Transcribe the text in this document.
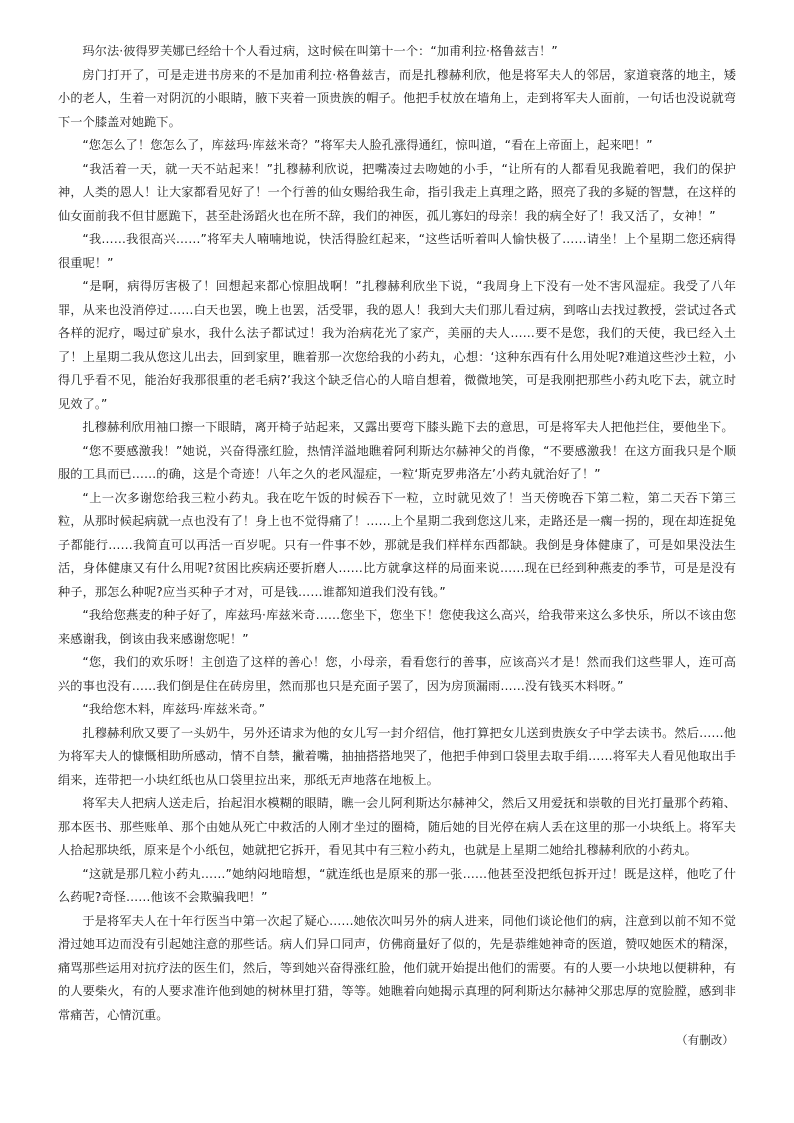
玛尔法·彼得罗芙娜已经给十个人看过病，这时候在叫第十一个：“加甫利拉·格鲁兹吉！”

房门打开了，可是走进书房来的不是加甫利拉·格鲁兹吉，而是扎穆赫利欣，他是将军夫人的邻居，家道衰落的地主，矮小的老人，生着一对阴沉的小眼睛，腋下夹着一顶贵族的帽子。他把手杖放在墙角上，走到将军夫人面前，一句话也没说就弯下一个膝盖对她跪下。

“您怎么了！您怎么了，库兹玛·库兹米奇？”将军夫人脸孔涨得通红，惊叫道，“看在上帝面上，起来吧！”

“我活着一天，就一天不站起来！”扎穆赫利欣说，把嘴凑过去吻她的小手，“让所有的人都看见我跪着吧，我们的保护神，人类的恩人！让大家都看见好了！一个行善的仙女赐给我生命，指引我走上真理之路，照亮了我的多疑的智慧，在这样的仙女面前我不但甘愿跪下，甚至赴汤蹈火也在所不辞，我们的神医，孤儿寡妇的母亲！我的病全好了！我又活了，女神！”

“我……我很高兴……”将军夫人喃喃地说，快活得脸红起来，“这些话听着叫人愉快极了……请坐！上个星期二您还病得很重呢！”

“是啊，病得厉害极了！回想起来都心惊胆战啊！”扎穆赫利欣坐下说，“我周身上下没有一处不害风湿症。我受了八年罪，从来也没消停过……白天也罢，晚上也罢，活受罪，我的恩人！我到大夫们那儿看过病，到喀山去找过教授，尝试过各式各样的泥疗，喝过矿泉水，我什么法子都试过！我为治病花光了家产，美丽的夫人……要不是您，我们的天使，我已经入土了！上星期二我从您这儿出去，回到家里，瞧着那一次您给我的小药丸，心想：‘这种东西有什么用处呢?难道这些沙土粒，小得几乎看不见，能治好我那很重的老毛病?’我这个缺乏信心的人暗自想着，微微地笑，可是我刚把那些小药丸吃下去，就立时见效了。”

扎穆赫利欣用袖口擦一下眼睛，离开椅子站起来，又露出要弯下膝头跪下去的意思，可是将军夫人把他拦住，要他坐下。

“您不要感激我！”她说，兴奋得涨红脸，热情洋溢地瞧着阿利斯达尔赫神父的肖像，“不要感激我！在这方面我只是个顺服的工具而已……的确，这是个奇迹！八年之久的老风湿症，一粒‘斯克罗弗洛左’小药丸就治好了！”

“上一次多谢您给我三粒小药丸。我在吃午饭的时候吞下一粒，立时就见效了！当天傍晚吞下第二粒，第二天吞下第三粒，从那时候起病就一点也没有了！身上也不觉得痛了！……上个星期二我到您这儿来，走路还是一瘸一拐的，现在却连捉兔子都能行……我简直可以再活一百岁呢。只有一件事不妙，那就是我们样样东西都缺。我倒是身体健康了，可是如果没法生活，身体健康又有什么用呢?贫困比疾病还要折磨人……比方就拿这样的局面来说……现在已经到种燕麦的季节，可是是没有种子，那怎么种呢?应当买种子才对，可是钱……谁都知道我们没有钱。”

“我给您燕麦的种子好了，库兹玛·库兹米奇……您坐下，您坐下！您使我这么高兴，给我带来这么多快乐，所以不该由您来感谢我，倒该由我来感谢您呢！”

“您，我们的欢乐呀！主创造了这样的善心！您，小母亲，看看您行的善事，应该高兴才是！然而我们这些罪人，连可高兴的事也没有……我们倒是住在砖房里，然而那也只是充面子罢了，因为房顶漏雨……没有钱买木料呀。”

“我给您木料，库兹玛·库兹米奇。”

扎穆赫利欣又要了一头奶牛，另外还请求为他的女儿写一封介绍信，他打算把女儿送到贵族女子中学去读书。然后……他为将军夫人的慷慨相助所感动，情不自禁，撇着嘴，抽抽搭搭地哭了，他把手伸到口袋里去取手绢……将军夫人看见他取出手绢来，连带把一小块红纸也从口袋里拉出来，那纸无声地落在地板上。

将军夫人把病人送走后，抬起泪水模糊的眼睛，瞧一会儿阿利斯达尔赫神父，然后又用爱抚和崇敬的目光打量那个药箱、那本医书、那些账单、那个由她从死亡中救活的人刚才坐过的圈椅，随后她的目光停在病人丢在这里的那一小块纸上。将军夫人拾起那块纸，原来是个小纸包，她就把它拆开，看见其中有三粒小药丸，也就是上星期二她给扎穆赫利欣的小药丸。

“这就是那几粒小药丸……”她纳闷地暗想，“就连纸也是原来的那一张……他甚至没把纸包拆开过！既是这样，他吃了什么药呢?奇怪……他该不会欺骗我吧！”

于是将军夫人在十年行医当中第一次起了疑心……她依次叫另外的病人进来，同他们谈论他们的病，注意到以前不知不觉滑过她耳边而没有引起她注意的那些话。病人们异口同声，仿佛商量好了似的，先是恭维她神奇的医道，赞叹她医术的精深，痛骂那些运用对抗疗法的医生们，然后，等到她兴奋得涨红脸，他们就开始提出他们的需要。有的人要一小块地以便耕种，有的人要柴火，有的人要求准许他到她的树林里打猎，等等。她瞧着向她揭示真理的阿利斯达尔赫神父那忠厚的宽脸膛，感到非常痛苦，心情沉重。

（有删改）
